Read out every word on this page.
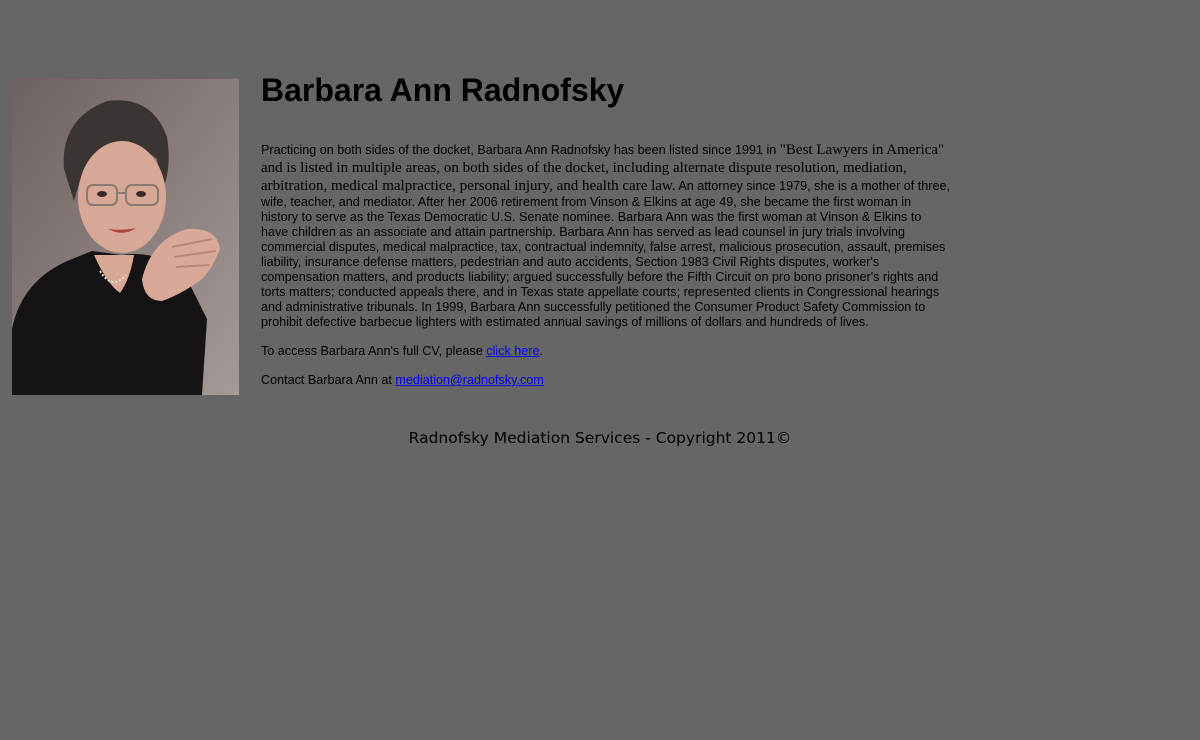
Barbara Ann Radnofsky

Practicing on both sides of the docket, Barbara Ann Radnofsky has been listed since 1991 in "Best Lawyers in America" and is listed in multiple areas, on both sides of the docket, including alternate dispute resolution, mediation, arbitration, medical malpractice, personal injury, and health care law. An attorney since 1979, she is a mother of three, wife, teacher, and mediator. After her 2006 retirement from Vinson & Elkins at age 49, she became the first woman in history to serve as the Texas Democratic U.S. Senate nominee. Barbara Ann was the first woman at Vinson & Elkins to have children as an associate and attain partnership. Barbara Ann has served as lead counsel in jury trials involving commercial disputes, medical malpractice, tax, contractual indemnity, false arrest, malicious prosecution, assault, premises liability, insurance defense matters, pedestrian and auto accidents, Section 1983 Civil Rights disputes, worker's compensation matters, and products liability; argued successfully before the Fifth Circuit on pro bono prisoner's rights and torts matters; conducted appeals there, and in Texas state appellate courts; represented clients in Congressional hearings and administrative tribunals. In 1999, Barbara Ann successfully petitioned the Consumer Product Safety Commission to prohibit defective barbecue lighters with estimated annual savings of millions of dollars and hundreds of lives.

To access Barbara Ann's full CV, please click here.

Contact Barbara Ann at mediation@radnofsky.com

Radnofsky Mediation Services - Copyright 2011©
